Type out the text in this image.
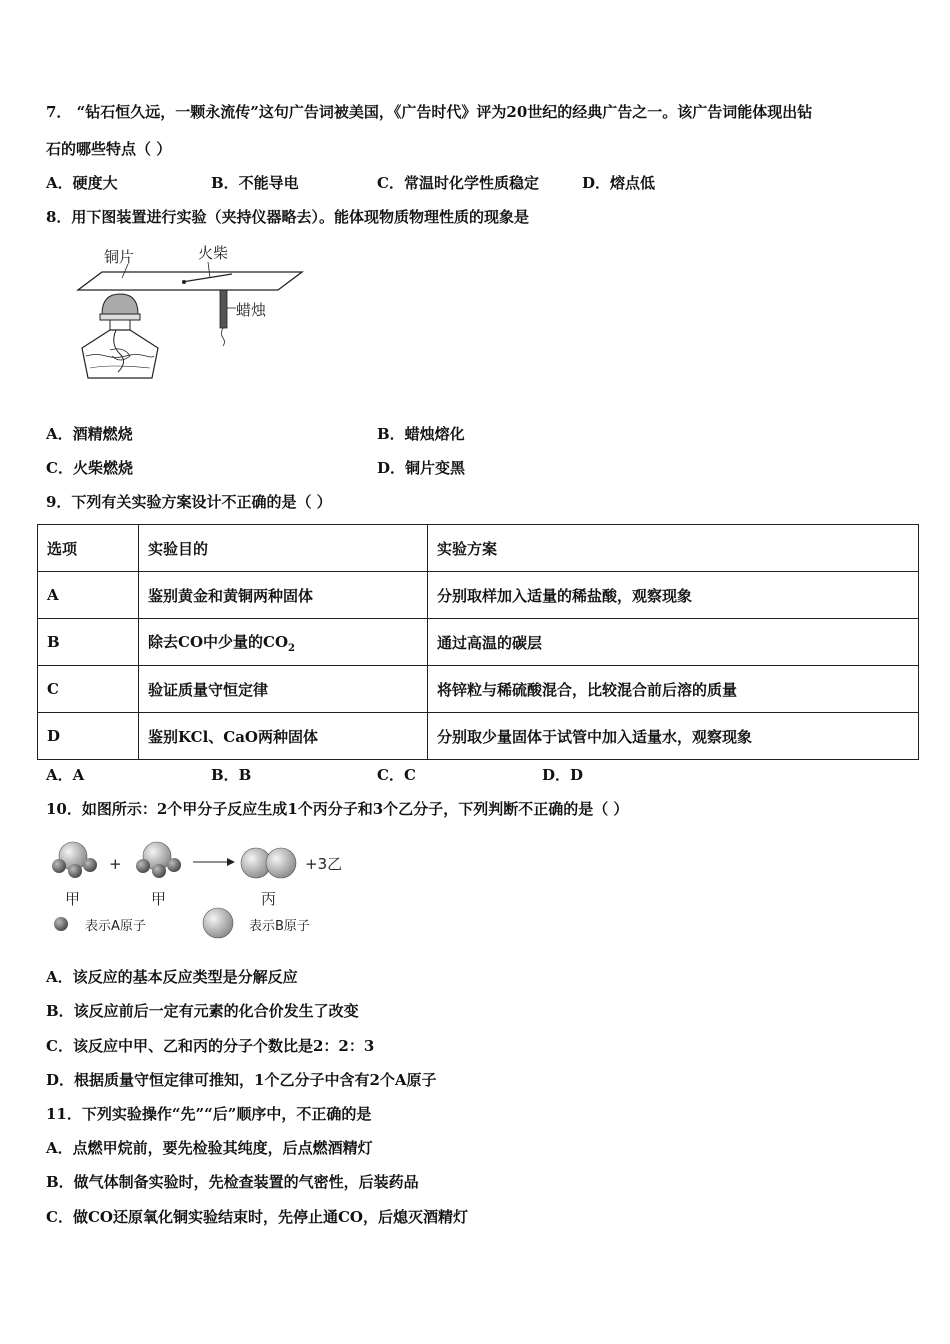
7． “钻石恒久远，一颗永流传”这句广告词被美国，《广告时代》评为20世纪的经典广告之一。该广告词能体现出钻
石的哪些特点（ ）
A．硬度大	B．不能导电	C．常温时化学性质稳定	D．熔点低
8．用下图装置进行实验（夹持仪器略去）。能体现物质物理性质的现象是
铜片	火柴
蜡烛
A．酒精燃烧	B．蜡烛熔化
C．火柴燃烧	D．铜片变黑
9．下列有关实验方案设计不正确的是（ ）
选项	实验目的	实验方案
A	鉴别黄金和黄铜两种固体	分别取样加入适量的稀盐酸，观察现象
B	除去CO中少量的$CO_2$	通过高温的碳层
C	验证质量守恒定律	将锌粒与稀硫酸混合，比较混合前后溶的质量
D	鉴别KCl、CaO两种固体	分别取少量固体于试管中加入适量水，观察现象
A．A	B．B	C．C	D．D
10．如图所示：2个甲分子反应生成1个丙分子和3个乙分子，下列判断不正确的是（ ）
+	+3乙
甲	甲	丙
表示A原子	表示B原子
A．该反应的基本反应类型是分解反应
B．该反应前后一定有元素的化合价发生了改变
C．该反应中甲、乙和丙的分子个数比是2：2：3
D．根据质量守恒定律可推知，1个乙分子中含有2个A原子
11．下列实验操作“先”“后”顺序中，不正确的是
A．点燃甲烷前，要先检验其纯度，后点燃酒精灯
B．做气体制备实验时，先检查装置的气密性，后装药品
C．做CO还原氧化铜实验结束时，先停止通CO，后熄灭酒精灯
